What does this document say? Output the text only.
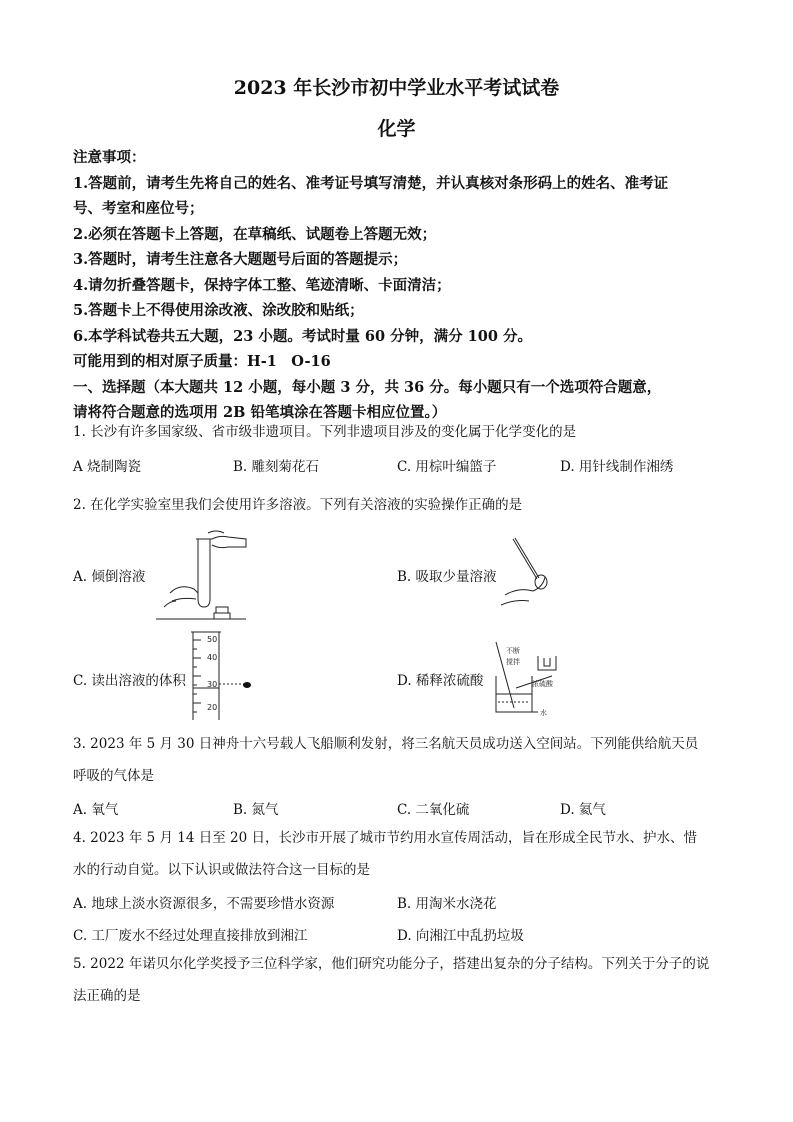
2023 年长沙市初中学业水平考试试卷
化学
注意事项：
1.答题前，请考生先将自己的姓名、准考证号填写清楚，并认真核对条形码上的姓名、准考证
号、考室和座位号；
2.必须在答题卡上答题，在草稿纸、试题卷上答题无效；
3.答题时，请考生注意各大题题号后面的答题提示；
4.请勿折叠答题卡，保持字体工整、笔迹清晰、卡面清洁；
5.答题卡上不得使用涂改液、涂改胶和贴纸；
6.本学科试卷共五大题，23 小题。考试时量 60 分钟，满分 100 分。
可能用到的相对原子质量：H-1　O-16
一、选择题（本大题共 12 小题，每小题 3 分，共 36 分。每小题只有一个选项符合题意，
请将符合题意的选项用 2B 铅笔填涂在答题卡相应位置。）
1. 长沙有许多国家级、省市级非遗项目。下列非遗项目涉及的变化属于化学变化的是
A 烧制陶瓷	B. 雕刻菊花石	C. 用棕叶编篮子	D. 用针线制作湘绣
2. 在化学实验室里我们会使用许多溶液。下列有关溶液的实验操作正确的是
A. 倾倒溶液	B. 吸取少量溶液
C. 读出溶液的体积	D. 稀释浓硫酸
50
40
30
20
不断
搅拌
浓硫酸
水
3. 2023 年 5 月 30 日神舟十六号载人飞船顺利发射，将三名航天员成功送入空间站。下列能供给航天员
呼吸的气体是
A. 氧气	B. 氮气	C. 二氧化硫	D. 氦气
4. 2023 年 5 月 14 日至 20 日，长沙市开展了城市节约用水宣传周活动，旨在形成全民节水、护水、惜
水的行动自觉。以下认识或做法符合这一目标的是
A. 地球上淡水资源很多，不需要珍惜水资源	B. 用淘米水浇花
C. 工厂废水不经过处理直接排放到湘江	D. 向湘江中乱扔垃圾
5. 2022 年诺贝尔化学奖授予三位科学家，他们研究功能分子，搭建出复杂的分子结构。下列关于分子的说
法正确的是
